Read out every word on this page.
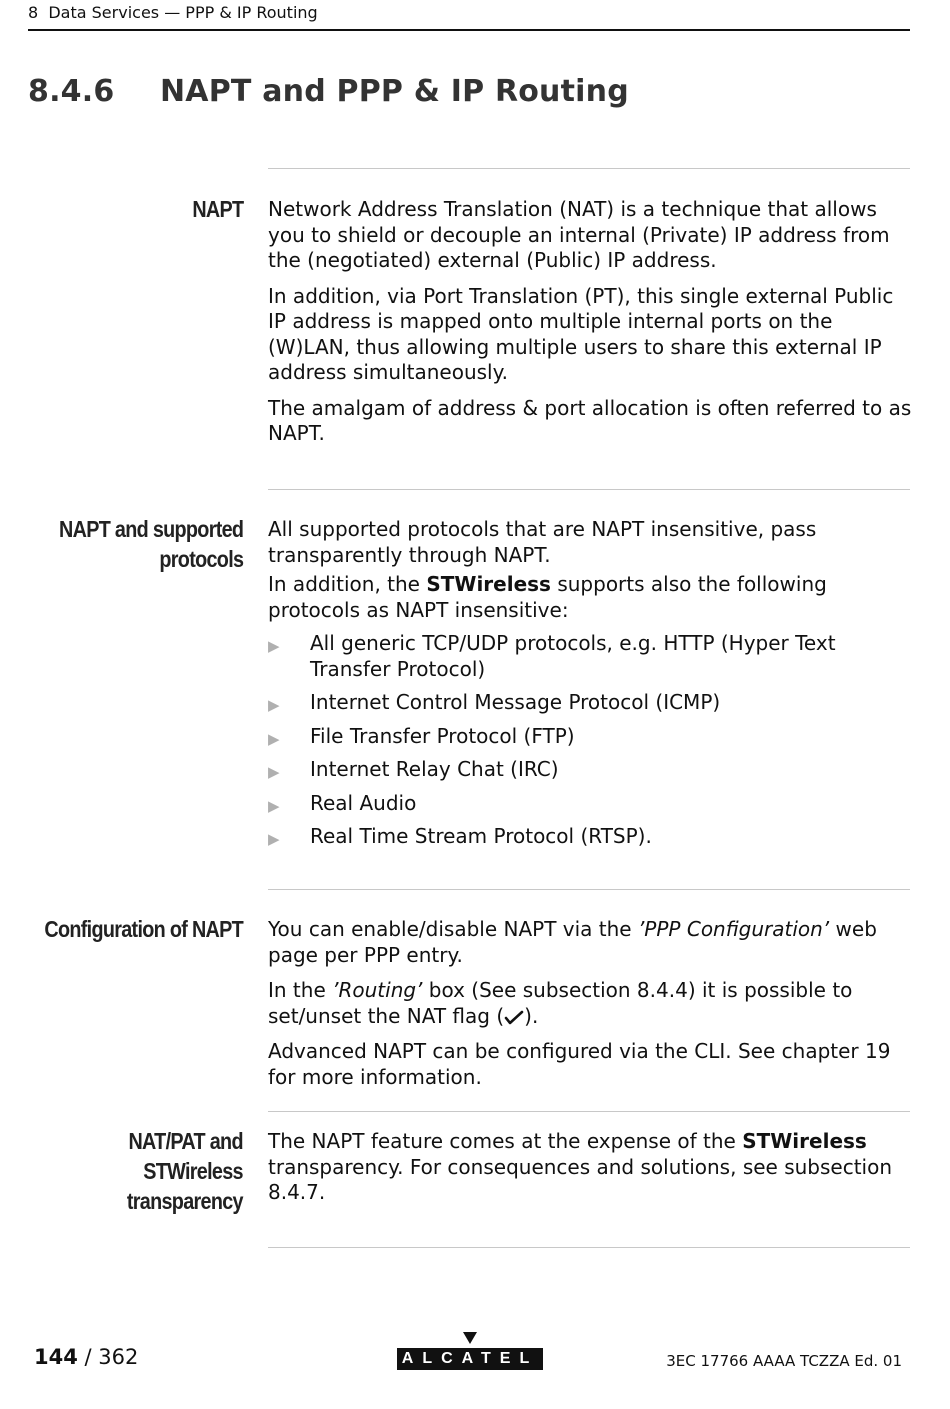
8 Data Services — PPP & IP Routing
8.4.6 NAPT and PPP & IP Routing
NAPT Network Address Translation (NAT) is a technique that allows you to shield or decouple an internal (Private) IP address from the (negotiated) external (Public) IP address.

In addition, via Port Translation (PT), this single external Public IP address is mapped onto multiple internal ports on the (W)LAN, thus allowing multiple users to share this external IP address simultaneously.

The amalgam of address & port allocation is often referred to as NAPT.

NAPT and supported
protocols

All supported protocols that are NAPT insensitive, pass transparently through NAPT.

In addition, the STWireless supports also the following protocols as NAPT insensitive:

▶ All generic TCP/UDP protocols, e.g. HTTP (Hyper Text Transfer Protocol)
▶ Internet Control Message Protocol (ICMP)
▶ File Transfer Protocol (FTP)
▶ Internet Relay Chat (IRC)
▶ Real Audio
▶ Real Time Stream Protocol (RTSP).
Configuration of NAPT You can enable/disable NAPT via the ’PPP Configuration’ web page per PPP entry.

In the ’Routing’ box (See subsection 8.4.4) it is possible to set/unset the NAT flag ( ).

Advanced NAPT can be configured via the CLI. See chapter 19 for more information.

NAT/PAT and
STWireless
transparency

The NAPT feature comes at the expense of the STWireless transparency. For consequences and solutions, see subsection 8.4.7.

144 / 362	ALCATEL	3EC 17766 AAAA TCZZA Ed. 01
